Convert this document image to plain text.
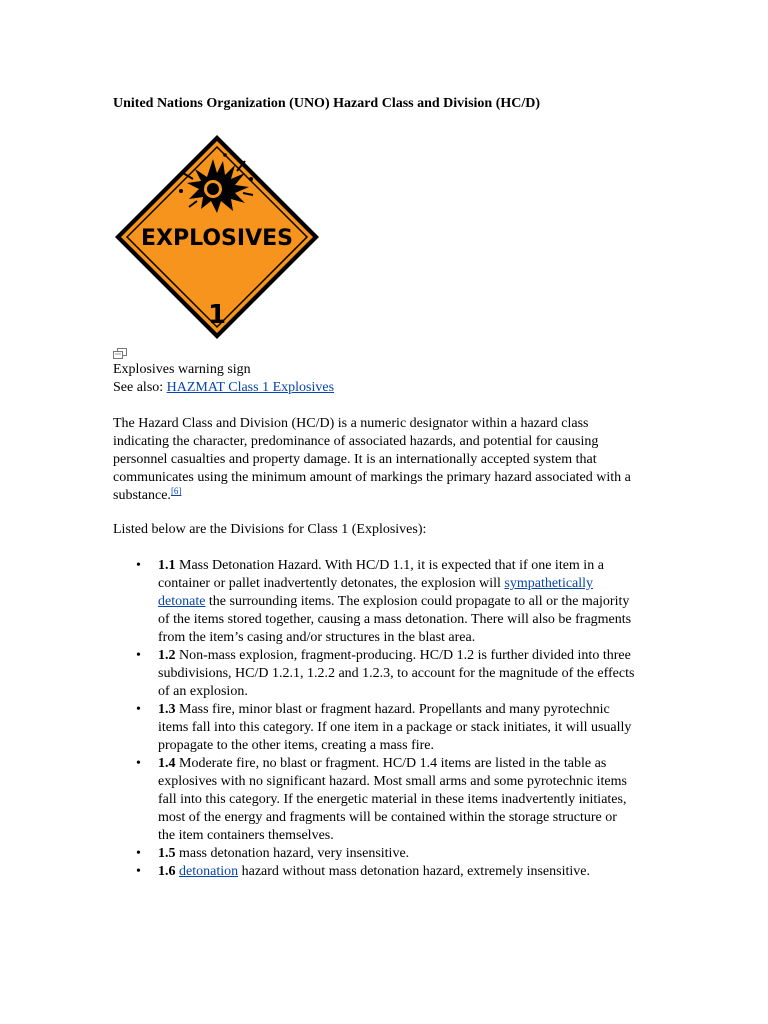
United Nations Organization (UNO) Hazard Class and Division (HC/D)

EXPLOSIVES
1

Explosives warning sign

See also: HAZMAT Class 1 Explosives

The Hazard Class and Division (HC/D) is a numeric designator within a hazard class indicating the character, predominance of associated hazards, and potential for causing personnel casualties and property damage. It is an internationally accepted system that communicates using the minimum amount of markings the primary hazard associated with a substance.[6]

Listed below are the Divisions for Class 1 (Explosives):

• 1.1 Mass Detonation Hazard. With HC/D 1.1, it is expected that if one item in a container or pallet inadvertently detonates, the explosion will sympathetically detonate the surrounding items. The explosion could propagate to all or the majority of the items stored together, causing a mass detonation. There will also be fragments from the item’s casing and/or structures in the blast area.
• 1.2 Non-mass explosion, fragment-producing. HC/D 1.2 is further divided into three subdivisions, HC/D 1.2.1, 1.2.2 and 1.2.3, to account for the magnitude of the effects of an explosion.
• 1.3 Mass fire, minor blast or fragment hazard. Propellants and many pyrotechnic items fall into this category. If one item in a package or stack initiates, it will usually propagate to the other items, creating a mass fire.
• 1.4 Moderate fire, no blast or fragment. HC/D 1.4 items are listed in the table as explosives with no significant hazard. Most small arms and some pyrotechnic items fall into this category. If the energetic material in these items inadvertently initiates, most of the energy and fragments will be contained within the storage structure or the item containers themselves.
• 1.5 mass detonation hazard, very insensitive.
• 1.6 detonation hazard without mass detonation hazard, extremely insensitive.
